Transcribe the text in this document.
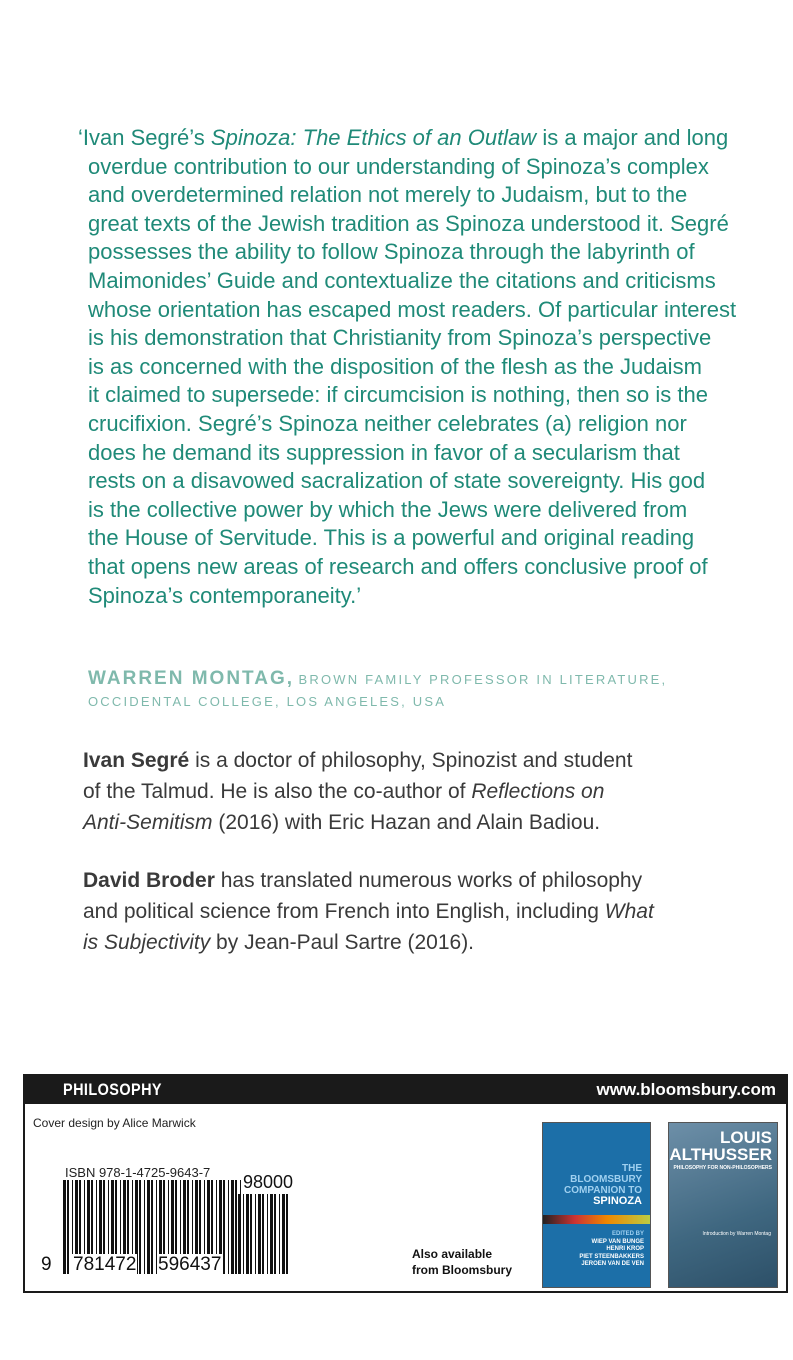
‘Ivan Segré’s Spinoza: The Ethics of an Outlaw is a major and long
overdue contribution to our understanding of Spinoza’s complex
and overdetermined relation not merely to Judaism, but to the
great texts of the Jewish tradition as Spinoza understood it. Segré
possesses the ability to follow Spinoza through the labyrinth of
Maimonides’ Guide and contextualize the citations and criticisms
whose orientation has escaped most readers. Of particular interest
is his demonstration that Christianity from Spinoza’s perspective
is as concerned with the disposition of the flesh as the Judaism
it claimed to supersede: if circumcision is nothing, then so is the
crucifixion. Segré’s Spinoza neither celebrates (a) religion nor
does he demand its suppression in favor of a secularism that
rests on a disavowed sacralization of state sovereignty. His god
is the collective power by which the Jews were delivered from
the House of Servitude. This is a powerful and original reading
that opens new areas of research and offers conclusive proof of
Spinoza’s contemporaneity.’
WARREN MONTAG, BROWN FAMILY PROFESSOR IN LITERATURE,
OCCIDENTAL COLLEGE, LOS ANGELES, USA
Ivan Segré is a doctor of philosophy, Spinozist and student
of the Talmud. He is also the co-author of Reflections on
Anti-Semitism (2016) with Eric Hazan and Alain Badiou.
David Broder has translated numerous works of philosophy
and political science from French into English, including What
is Subjectivity by Jean-Paul Sartre (2016).
PHILOSOPHY	www.bloomsbury.com
Cover design by Alice Marwick
ISBN 978-1-4725-9643-7
9 781472 596437
98000
Also available
from Bloomsbury
THE
BLOOMSBURY
COMPANION TO
SPINOZA
EDITED BY
WIEP VAN BUNGE
HENRI KROP
PIET STEENBAKKERS
JEROEN VAN DE VEN
LOUIS
ALTHUSSER
PHILOSOPHY FOR NON-PHILOSOPHERS
Introduction by Warren Montag
